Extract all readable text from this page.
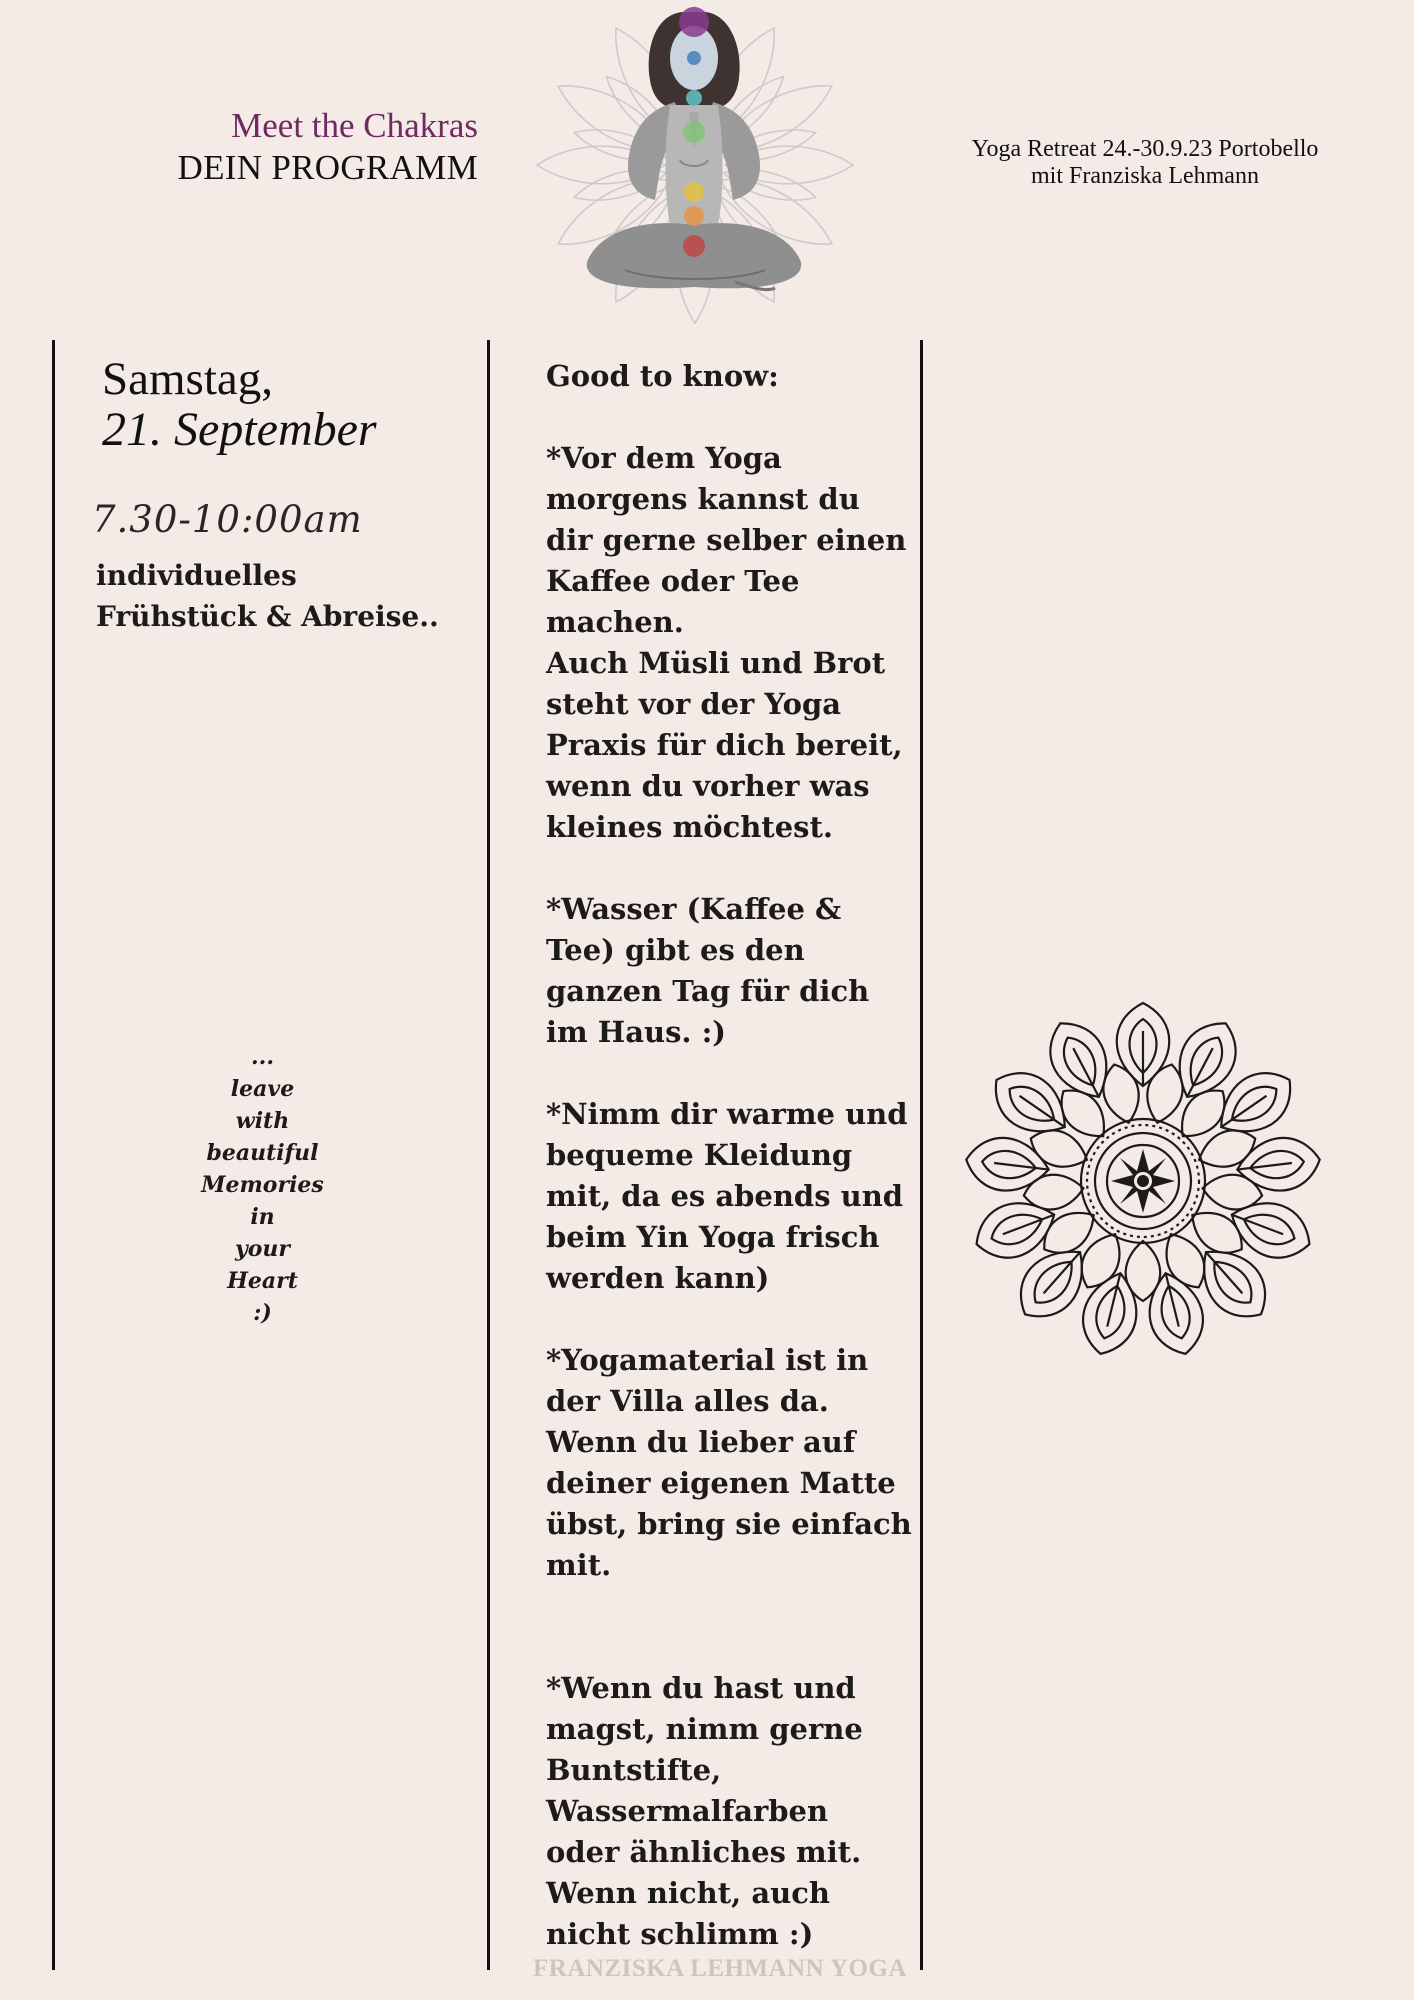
Meet the Chakras
DEIN PROGRAMM	Yoga Retreat 24.-30.9.23 Portobello
mit Franziska Lehmann
Samstag,
21. September
7.30-10:00am
individuelles Frühstück & Abreise..
...
leave
with
beautiful
Memories
in
your
Heart
:)
Good to know:
*Vor dem Yoga
morgens kannst du
dir gerne selber einen
Kaffee oder Tee
machen.
Auch Müsli und Brot
steht vor der Yoga
Praxis für dich bereit,
wenn du vorher was
kleines möchtest.
*Wasser (Kaffee &
Tee) gibt es den
ganzen Tag für dich
im Haus. :)
*Nimm dir warme und
bequeme Kleidung
mit, da es abends und
beim Yin Yoga frisch
werden kann)
*Yogamaterial ist in
der Villa alles da.
Wenn du lieber auf
deiner eigenen Matte
übst, bring sie einfach
mit.
*Wenn du hast und
magst, nimm gerne
Buntstifte,
Wassermalfarben
oder ähnliches mit.
Wenn nicht, auch
nicht schlimm :)
FRANZISKA LEHMANN YOGA
